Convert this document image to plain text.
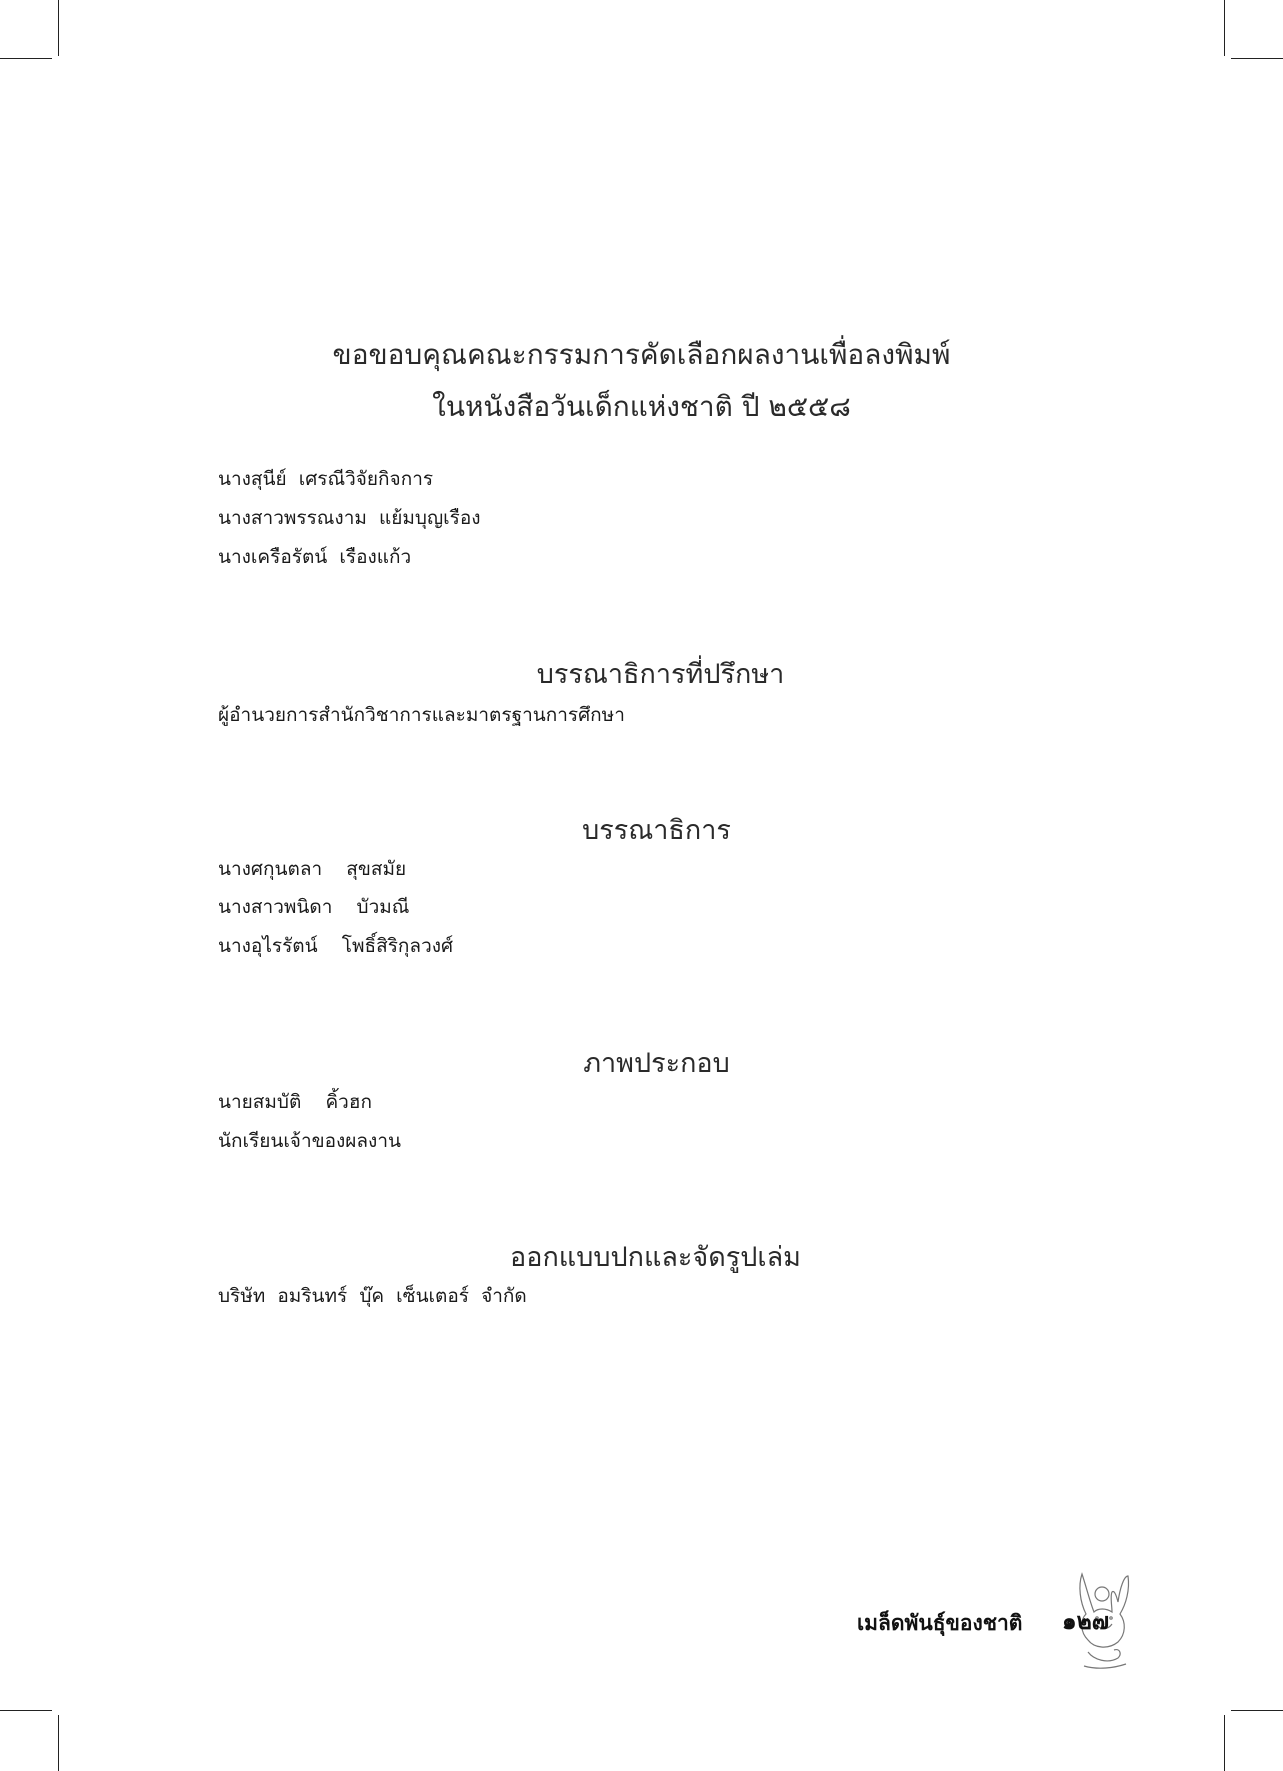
ขอขอบคุณคณะกรรมการคัดเลือกผลงานเพื่อลงพิมพ์
ในหนังสือวันเด็กแห่งชาติ ปี ๒๕๕๘
นางสุนีย์  เศรณีวิจัยกิจการ
นางสาวพรรณงาม  แย้มบุญเรือง
นางเครือรัตน์  เรืองแก้ว
บรรณาธิการที่ปรึกษา
ผู้อำนวยการสำนักวิชาการและมาตรฐานการศึกษา
บรรณาธิการ
นางศกุนตลา    สุขสมัย
นางสาวพนิดา    บัวมณี
นางอุไรรัตน์    โพธิ์สิริกุลวงศ์
ภาพประกอบ
นายสมบัติ    คิ้วฮก
นักเรียนเจ้าของผลงาน
ออกแบบปกและจัดรูปเล่ม
บริษัท  อมรินทร์  บุ๊ค  เซ็นเตอร์  จำกัด
เมล็ดพันธุ์ของชาติ ๑๒๗
